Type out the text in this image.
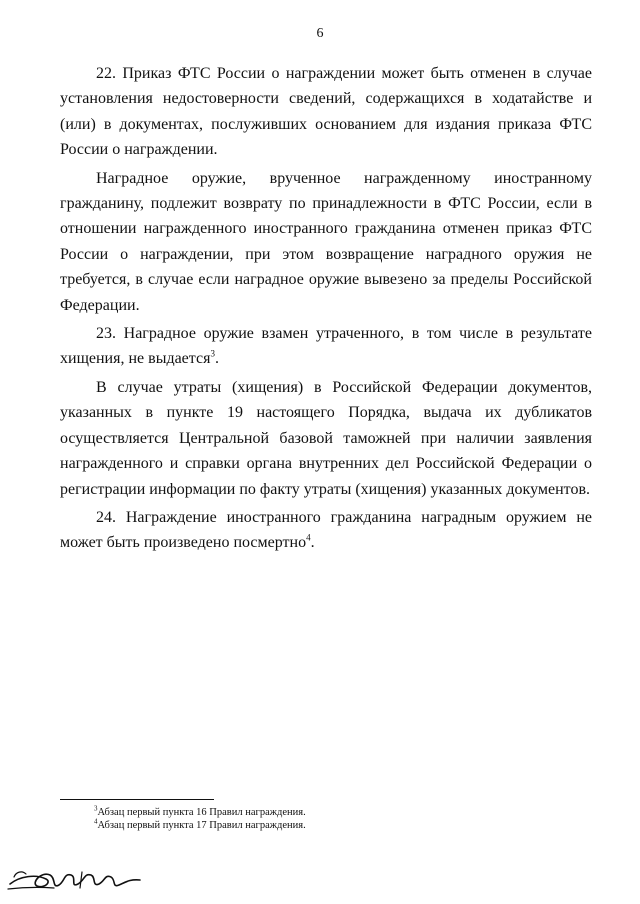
6

22. Приказ ФТС России о награждении может быть отменен в случае установления недостоверности сведений, содержащихся в ходатайстве и (или) в документах, послуживших основанием для издания приказа ФТС России о награждении.

Наградное оружие, врученное награжденному иностранному гражданину, подлежит возврату по принадлежности в ФТС России, если в отношении награжденного иностранного гражданина отменен приказ ФТС России о награждении, при этом возвращение наградного оружия не требуется, в случае если наградное оружие вывезено за пределы Российской Федерации.

23. Наградное оружие взамен утраченного, в том числе в результате хищения, не выдается$^3$.

В случае утраты (хищения) в Российской Федерации документов, указанных в пункте 19 настоящего Порядка, выдача их дубликатов осуществляется Центральной базовой таможней при наличии заявления награжденного и справки органа внутренних дел Российской Федерации о регистрации информации по факту утраты (хищения) указанных документов.

24. Награждение иностранного гражданина наградным оружием не может быть произведено посмертно$^4$.

$^3$Абзац первый пункта 16 Правил награждения.

$^4$Абзац первый пункта 17 Правил награждения.
